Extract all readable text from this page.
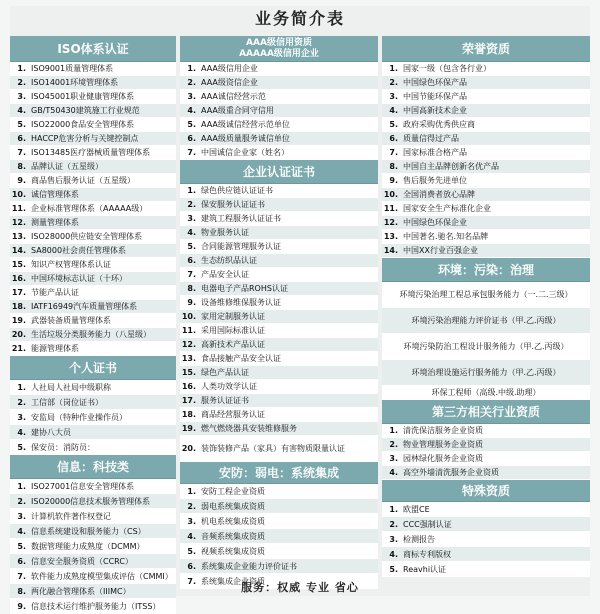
业务简介表
ISO体系认证
1. ISO9001质量管理体系
2. ISO14001环境管理体系
3. ISO45001职业健康管理体系
4. GB/T50430建筑施工行业规范
5. ISO22000食品安全管理体系
6. HACCP危害分析与关键控制点
7. ISO13485医疗器械质量管理体系
8. 品牌认证（五星级）
9. 商品售后服务认证（五星级）
10. 诚信管理体系
11. 企业标准管理体系（AAAAA级）
12. 测量管理体系
13. ISO28000供应链安全管理体系
14. SA8000社会责任管理体系
15. 知识产权管理体系认证
16. 中国环境标志认证（十环）
17. 节能产品认证
18. IATF16949汽车质量管理体系
19. 武器装备质量管理体系
20. 生活垃圾分类服务能力（八星级）
21. 能源管理体系
个人证书
1. 人社局人社局中级职称
2. 工信部（岗位证书）
3. 安监局（特种作业操作员）
4. 建协八大员
5. 保安员：消防员：
信息：科技类
1. ISO27001信息安全管理体系
2. ISO20000信息技术服务管理体系
3. 计算机软件著作权登记
4. 信息系统建设和服务能力（CS）
5. 数据管理能力成熟度（DCMM）
6. 信息安全服务资质（CCRC）
7. 软件能力成熟度模型集成评估（CMMI）
8. 两化融合管理体系（IIIMC）
9. 信息技术运行维护服务能力（ITSS）
AAA级信用资质
AAAAA级信用企业
1. AAA级信用企业
2. AAA级资信企业
3. AAA诚信经营示范
4. AAA级重合同守信用
5. AAA级诚信经营示范单位
6. AAA级质量服务诚信单位
7. 中国诚信企业家（姓名）
企业认证证书
1. 绿色供应链认证证书
2. 保安服务认证证书
3. 建筑工程服务认证证书
4. 物业服务认证
5. 合同能源管理服务认证
6. 生态纺织品认证
7. 产品安全认证
8. 电器电子产品ROHS认证
9. 设备维修维保服务认证
10. 家用定制服务认证
11. 采用国际标准认证
12. 高新技术产品认证
13. 食品接触产品安全认证
15. 绿色产品认证
16. 人类功效学认证
17. 服务认证证书
18. 商品经营服务认证
19. 燃气燃烧器具安装维修服务
20. 装饰装修产品（家具）有害物质限量认证
安防：弱电：系统集成
1. 安防工程企业资质
2. 弱电系统集成资质
3. 机电系统集成资质
4. 音频系统集成资质
5. 视频系统集成资质
6. 系统集成企业能力评价证书
7. 系统集成企业资质
荣誉资质
1. 国家一级（包含各行业）
2. 中国绿色环保产品
3. 中国节能环保产品
4. 中国高新技术企业
5. 政府采购优秀供应商
6. 质量信得过产品
7. 国家标准合格产品
8. 中国自主品牌创新名优产品
9. 售后服务先进单位
10. 全国消费者放心品牌
11. 国家安全生产标准化企业
12. 中国绿色环保企业
13. 中国著名.驰名.知名品牌
14. 中国XX行业百强企业
环境：污染：治理
环境污染治理工程总承包服务能力（一.二.三级）
环境污染治理能力评价证书（甲.乙.丙级）
环境污染防治工程设计服务能力（甲.乙.丙级）
环境治理设施运行服务能力（甲.乙.丙级）
环保工程师（高级.中级.助理）
第三方相关行业资质
1. 清洗保洁服务企业资质
2. 物业管理服务企业资质
3. 园林绿化服务企业资质
4. 高空外墙清洗服务企业资质
特殊资质
1. 欧盟CE
2. CCC强制认证
3. 检测报告
4. 商标专利版权
5. Reavhi认证
服务：权威 专业 省心
